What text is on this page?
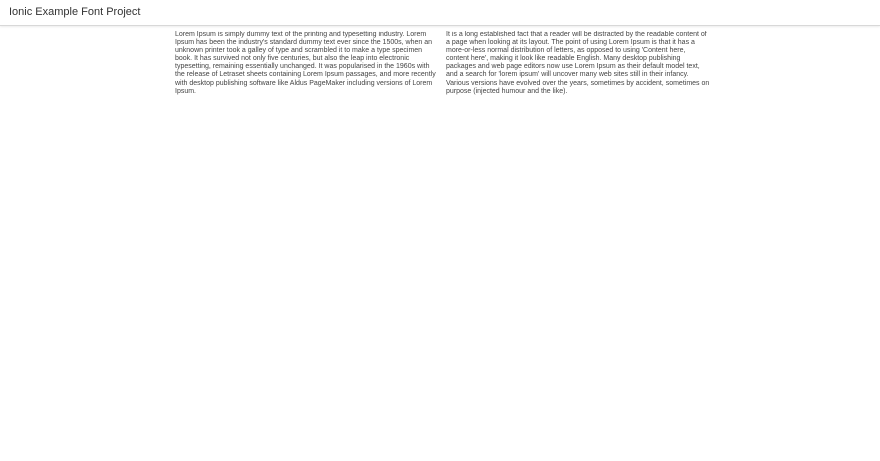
Ionic Example Font Project
Lorem Ipsum is simply dummy text of the printing and typesetting industry. Lorem Ipsum has been the industry's standard dummy text ever since the 1500s, when an unknown printer took a galley of type and scrambled it to make a type specimen book. It has survived not only five centuries, but also the leap into electronic typesetting, remaining essentially unchanged. It was popularised in the 1960s with the release of Letraset sheets containing Lorem Ipsum passages, and more recently with desktop publishing software like Aldus PageMaker including versions of Lorem Ipsum.
It is a long established fact that a reader will be distracted by the readable content of a page when looking at its layout. The point of using Lorem Ipsum is that it has a more-or-less normal distribution of letters, as opposed to using 'Content here, content here', making it look like readable English. Many desktop publishing packages and web page editors now use Lorem Ipsum as their default model text, and a search for 'lorem ipsum' will uncover many web sites still in their infancy. Various versions have evolved over the years, sometimes by accident, sometimes on purpose (injected humour and the like).
